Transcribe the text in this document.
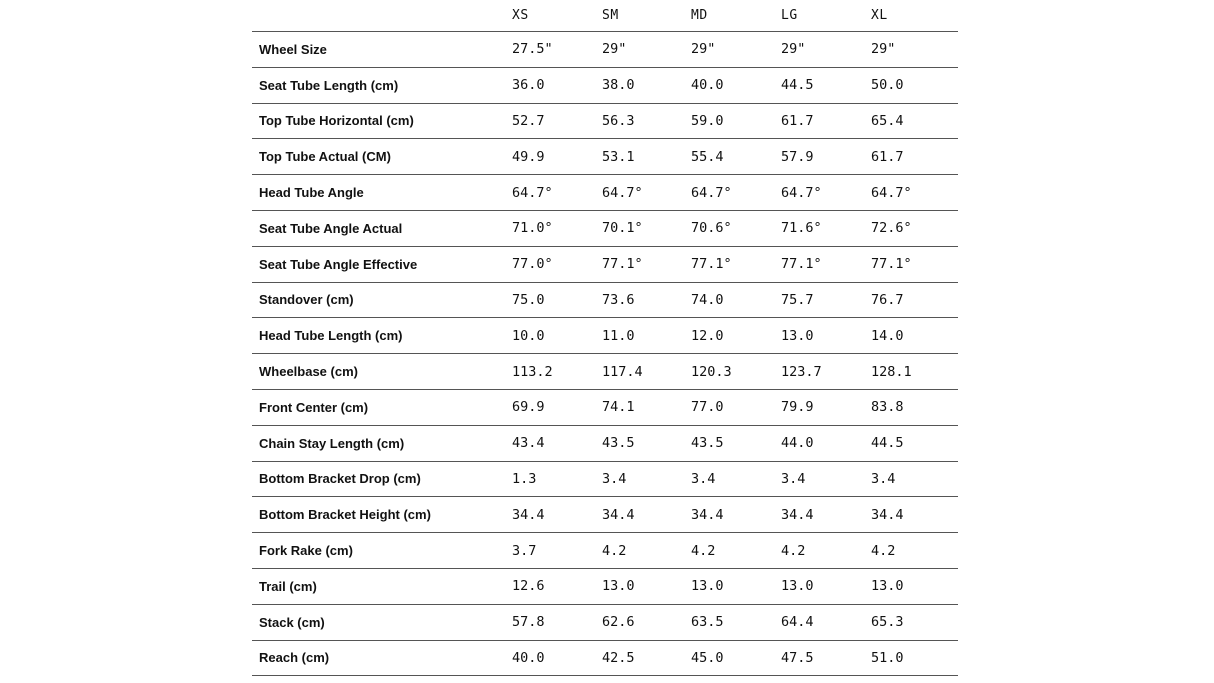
	XS	SM	MD	LG	XL
Wheel Size	27.5"	29"	29"	29"	29"
Seat Tube Length (cm)	36.0	38.0	40.0	44.5	50.0
Top Tube Horizontal (cm)	52.7	56.3	59.0	61.7	65.4
Top Tube Actual (CM)	49.9	53.1	55.4	57.9	61.7
Head Tube Angle	64.7°	64.7°	64.7°	64.7°	64.7°
Seat Tube Angle Actual	71.0°	70.1°	70.6°	71.6°	72.6°
Seat Tube Angle Effective	77.0°	77.1°	77.1°	77.1°	77.1°
Standover (cm)	75.0	73.6	74.0	75.7	76.7
Head Tube Length (cm)	10.0	11.0	12.0	13.0	14.0
Wheelbase (cm)	113.2	117.4	120.3	123.7	128.1
Front Center (cm)	69.9	74.1	77.0	79.9	83.8
Chain Stay Length (cm)	43.4	43.5	43.5	44.0	44.5
Bottom Bracket Drop (cm)	1.3	3.4	3.4	3.4	3.4
Bottom Bracket Height (cm)	34.4	34.4	34.4	34.4	34.4
Fork Rake (cm)	3.7	4.2	4.2	4.2	4.2
Trail (cm)	12.6	13.0	13.0	13.0	13.0
Stack (cm)	57.8	62.6	63.5	64.4	65.3
Reach (cm)	40.0	42.5	45.0	47.5	51.0
